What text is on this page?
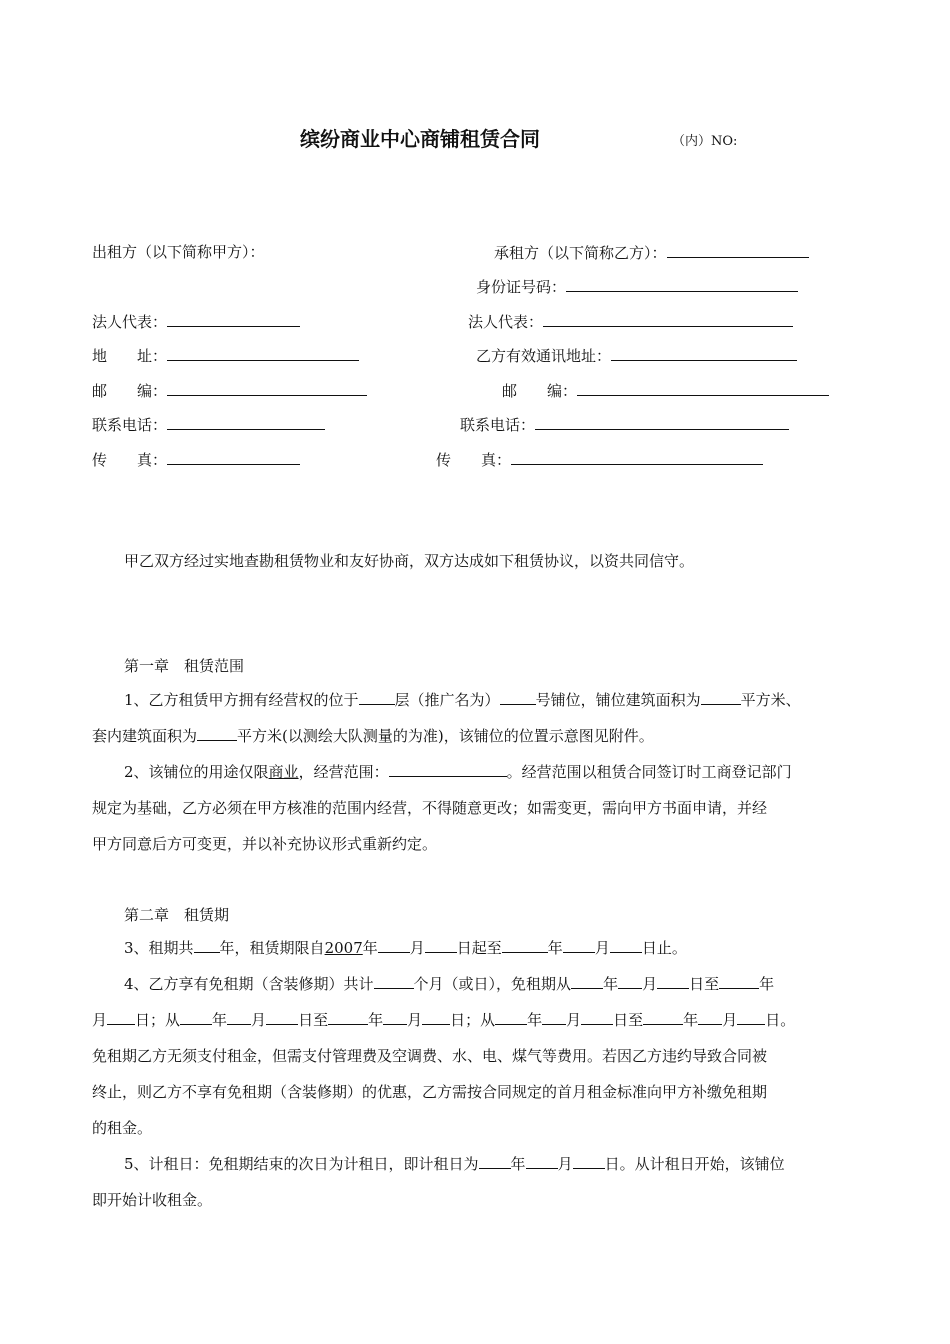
缤纷商业中心商铺租赁合同	（内）NO:
出租方（以下简称甲方）：	承租方（以下简称乙方）：
身份证号码：
法人代表：	法人代表：
地　　址：	乙方有效通讯地址：
邮　　编：	邮　　编：
联系电话：	联系电话：
传　　真：	传　　真：
甲乙双方经过实地查勘租赁物业和友好协商，双方达成如下租赁协议，以资共同信守。
第一章　租赁范围
1、乙方租赁甲方拥有经营权的位于 层（推广名为） 号铺位，铺位建筑面积为	平方米、
套内建筑面积为	平方米(以测绘大队测量的为准)，该铺位的位置示意图见附件。
2、该铺位的用途仅限商业，经营范围：	。经营范围以租赁合同签订时工商登记部门
规定为基础，乙方必须在甲方核准的范围内经营，不得随意更改；如需变更，需向甲方书面申请，并经
甲方同意后方可变更，并以补充协议形式重新约定。
第二章　租赁期
3、租期共 年，租赁期限自2007年 月 日起至	年 月 日止。
4、乙方享有免租期（含装修期）共计	个月（或日），免租期从 年 月 日至	年
月 日；从 年 月 日至	年 月 日；从 年 月 日至	年 月 日。
免租期乙方无须支付租金，但需支付管理费及空调费、水、电、煤气等费用。若因乙方违约导致合同被
终止，则乙方不享有免租期（含装修期）的优惠，乙方需按合同规定的首月租金标准向甲方补缴免租期
的租金。
5、计租日：免租期结束的次日为计租日，即计租日为 年 月 日。从计租日开始，该铺位
即开始计收租金。
